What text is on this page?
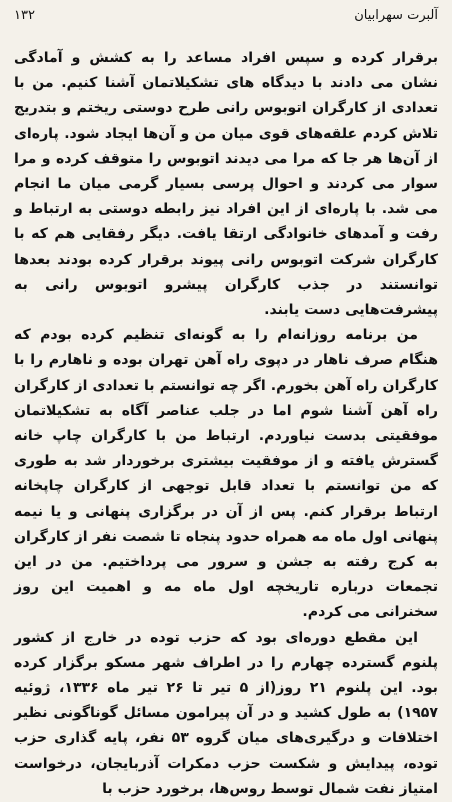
آلبرت سهرابیان
۱۳۲

برقرار کرده و سپس افراد مساعد را به کشش و آمادگی نشان می دادند با دیدگاه های تشکیلاتمان آشنا کنیم. من با تعدادی از کارگران اتوبوس رانی طرح دوستی ریختم و بتدریج تلاش کردم علقه‌های قوی میان من و آن‌ها ایجاد شود. پاره‌ای از آن‌ها هر جا که مرا می دیدند اتوبوس را متوقف کرده و مرا سوار می کردند و احوال پرسی بسیار گرمی میان ما انجام می شد. با پاره‌ای از این افراد نیز رابطه دوستی به ارتباط و رفت و آمدهای خانوادگی ارتقا یافت. دیگر رفقایی هم که با کارگران شرکت اتوبوس رانی پیوند برقرار کرده بودند بعدها توانستند در جذب کارگران پیشرو اتوبوس رانی به پیشرفت‌هایی دست یابند.

من برنامه روزانه‌ام را به گونه‌ای تنظیم کرده بودم که هنگام صرف ناهار در دپوی راه آهن تهران بوده و ناهارم را با کارگران راه آهن بخورم. اگر چه توانستم با تعدادی از کارگران راه آهن آشنا شوم اما در جلب عناصر آگاه به تشکیلاتمان موفقیتی بدست نیاوردم. ارتباط من با کارگران چاپ خانه گسترش یافته و از موفقیت بیشتری برخوردار شد به طوری که من توانستم با تعداد قابل توجهی از کارگران چاپخانه ارتباط برقرار کنم. پس از آن در برگزاری پنهانی و یا نیمه پنهانی اول ماه مه همراه حدود پنجاه تا شصت نفر از کارگران به کرج رفته به جشن و سرور می پرداختیم. من در این تجمعات درباره تاریخچه اول ماه مه و اهمیت این روز سخنرانی می کردم.

این مقطع دوره‌ای بود که حزب توده در خارج از کشور پلنوم گسترده چهارم را در اطراف شهر مسکو برگزار کرده بود. این پلنوم ۲۱ روز(از ۵ تیر تا ۲۶ تیر ماه ۱۳۳۶، ژوئیه ۱۹۵۷) به طول کشید و در آن پیرامون مسائل گوناگونی نظیر اختلافات و درگیری‌های میان گروه ۵۳ نفر، پایه گذاری حزب توده، پیدایش و شکست حزب دمکرات آذربایجان، درخواست امتیاز نفت شمال توسط روس‌ها، برخورد حزب با
